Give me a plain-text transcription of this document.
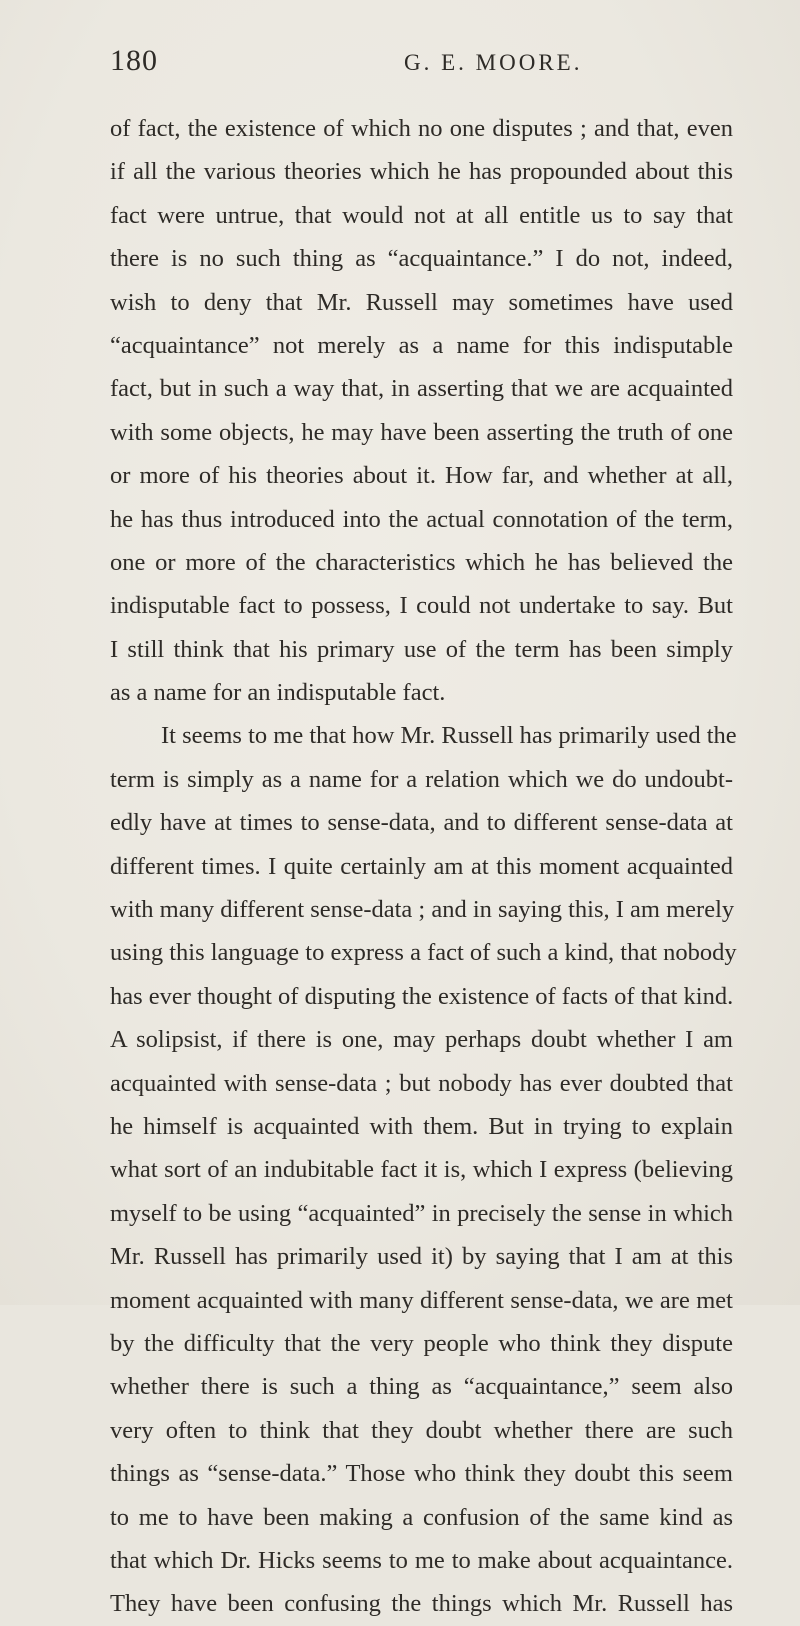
180	G. E. MOORE.
of fact, the existence of which no one disputes ; and that, even
if all the various theories which he has propounded about this
fact were untrue, that would not at all entitle us to say that
there is no such thing as “acquaintance.” I do not, indeed,
wish to deny that Mr. Russell may sometimes have used
“acquaintance” not merely as a name for this indisputable
fact, but in such a way that, in asserting that we are acquainted
with some objects, he may have been asserting the truth of one
or more of his theories about it. How far, and whether at all,
he has thus introduced into the actual connotation of the term,
one or more of the characteristics which he has believed the
indisputable fact to possess, I could not undertake to say. But
I still think that his primary use of the term has been simply
as a name for an indisputable fact.
It seems to me that how Mr. Russell has primarily used the
term is simply as a name for a relation which we do undoubt-
edly have at times to sense-data, and to different sense-data at
different times. I quite certainly am at this moment acquainted
with many different sense-data ; and in saying this, I am merely
using this language to express a fact of such a kind, that nobody
has ever thought of disputing the existence of facts of that kind.
A solipsist, if there is one, may perhaps doubt whether I am
acquainted with sense-data ; but nobody has ever doubted that
he himself is acquainted with them. But in trying to explain
what sort of an indubitable fact it is, which I express (believing
myself to be using “acquainted” in precisely the sense in which
Mr. Russell has primarily used it) by saying that I am at this
moment acquainted with many different sense-data, we are met
by the difficulty that the very people who think they dispute
whether there is such a thing as “acquaintance,” seem also
very often to think that they doubt whether there are such
things as “sense-data.” Those who think they doubt this seem
to me to have been making a confusion of the same kind as
that which Dr. Hicks seems to me to make about acquaintance.
They have been confusing the things which Mr. Russell has
